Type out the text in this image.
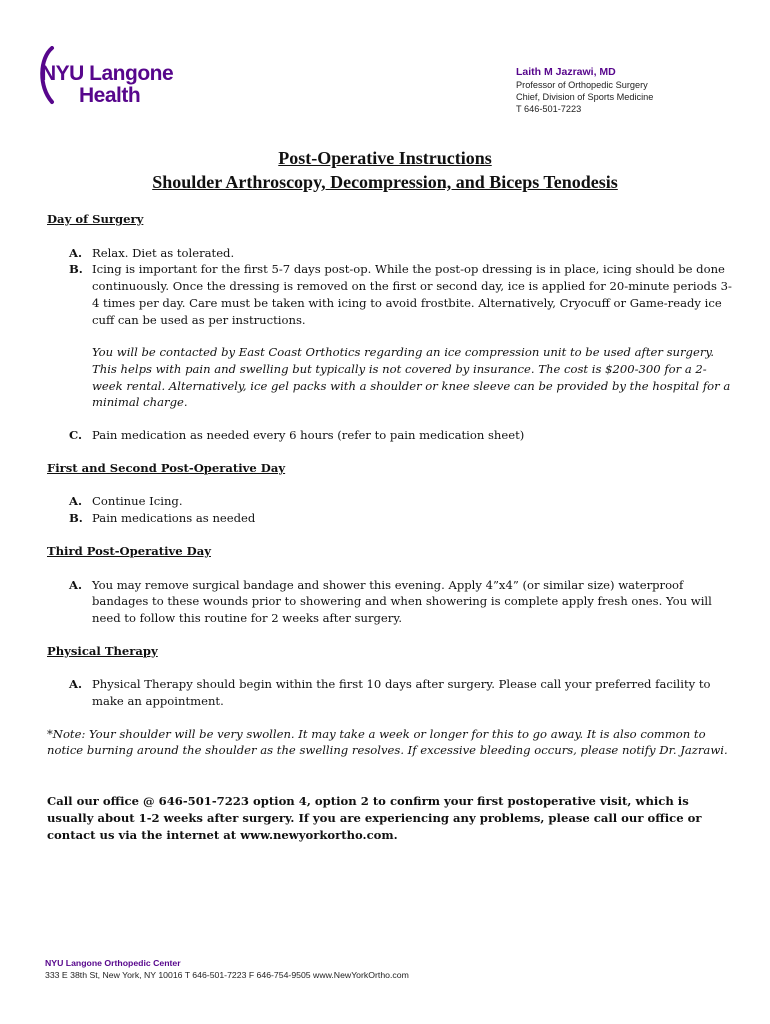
NYU Langone
Health
Laith M Jazrawi, MD
Professor of Orthopedic Surgery
Chief, Division of Sports Medicine
T 646-501-7223
Post-Operative Instructions
Shoulder Arthroscopy, Decompression, and Biceps Tenodesis

Day of Surgery

A. Relax. Diet as tolerated.
B. Icing is important for the first 5-7 days post-op. While the post-op dressing is in place, icing should be done continuously. Once the dressing is removed on the first or second day, ice is applied for 20-minute periods 3-4 times per day. Care must be taken with icing to avoid frostbite. Alternatively, Cryocuff or Game-ready ice cuff can be used as per instructions.
You will be contacted by East Coast Orthotics regarding an ice compression unit to be used after surgery. This helps with pain and swelling but typically is not covered by insurance. The cost is $200-300 for a 2-week rental. Alternatively, ice gel packs with a shoulder or knee sleeve can be provided by the hospital for a minimal charge.
C. Pain medication as needed every 6 hours (refer to pain medication sheet)

First and Second Post-Operative Day

A. Continue Icing.
B. Pain medications as needed

Third Post-Operative Day

A. You may remove surgical bandage and shower this evening. Apply 4”x4” (or similar size) waterproof bandages to these wounds prior to showering and when showering is complete apply fresh ones. You will need to follow this routine for 2 weeks after surgery.

Physical Therapy

A. Physical Therapy should begin within the first 10 days after surgery. Please call your preferred facility to make an appointment.
*Note: Your shoulder will be very swollen. It may take a week or longer for this to go away. It is also common to notice burning around the shoulder as the swelling resolves. If excessive bleeding occurs, please notify Dr. Jazrawi.
Call our office @ 646-501-7223 option 4, option 2 to confirm your first postoperative visit, which is usually about 1-2 weeks after surgery. If you are experiencing any problems, please call our office or contact us via the internet at www.newyorkortho.com.
NYU Langone Orthopedic Center
333 E 38th St, New York, NY 10016 T 646-501-7223 F 646-754-9505 www.NewYorkOrtho.com
